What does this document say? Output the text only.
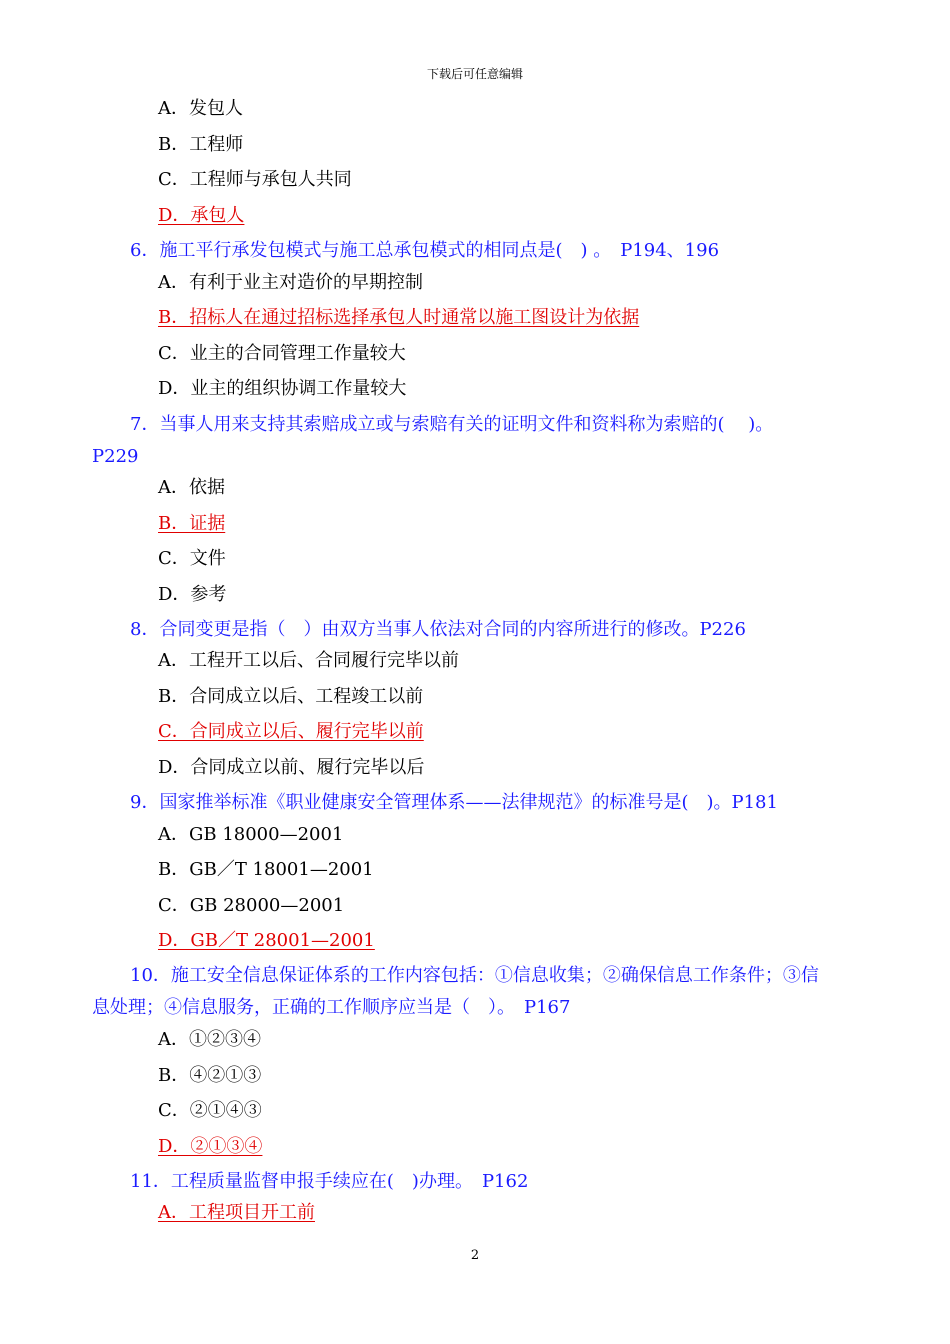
下载后可任意编辑
A．发包人
B．工程师
C．工程师与承包人共同
D．承包人
6．施工平行承发包模式与施工总承包模式的相同点是(　) 。　P194、196
A．有利于业主对造价的早期控制
B．招标人在通过招标选择承包人时通常以施工图设计为依据
C．业主的合同管理工作量较大
D．业主的组织协调工作量较大
7．当事人用来支持其索赔成立或与索赔有关的证明文件和资料称为索赔的(　 )。
P229
A．依据
B．证据
C．文件
D．参考
8．合同变更是指（　）由双方当事人依法对合同的内容所进行的修改。P226
A．工程开工以后、合同履行完毕以前
B．合同成立以后、工程竣工以前
C．合同成立以后、履行完毕以前
D．合同成立以前、履行完毕以后
9．国家推举标准《职业健康安全管理体系——法律规范》的标准号是(　)。P181
A．GB 18000—2001
B．GB／T 18001—2001
C．GB 28000—2001
D．GB／T 28001—2001
10．施工安全信息保证体系的工作内容包括：①信息收集；②确保信息工作条件；③信
息处理；④信息服务，正确的工作顺序应当是（　）。　P167
A．①②③④
B．④②①③
C．②①④③
D．②①③④
11．工程质量监督申报手续应在(　)办理。　P162
A．工程项目开工前
2
